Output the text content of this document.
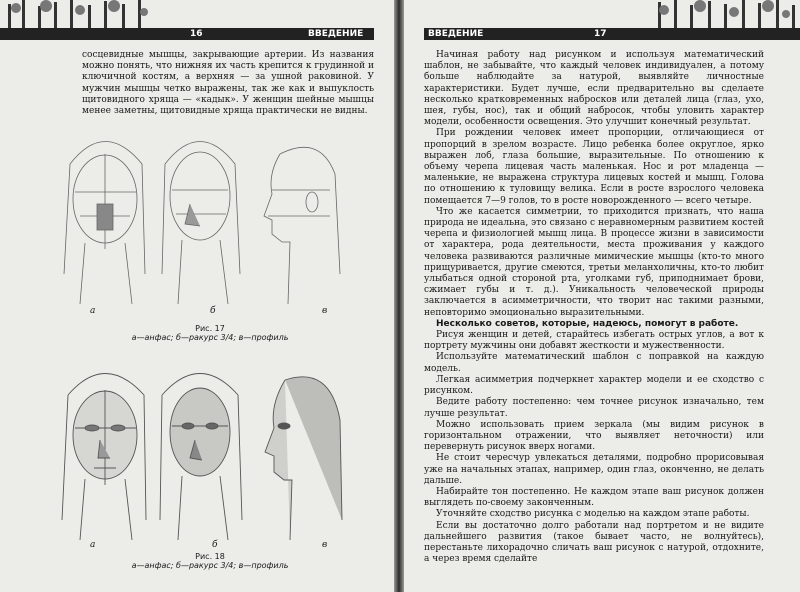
16	ВВЕДЕНИЕ

сосцевидные мышцы, закрывающие артерии. Из названия можно понять, что нижняя их часть крепится к грудинной и ключичной костям, а верхняя — за ушной раковиной. У мужчин мышцы четко выражены, так же как и выпуклость щитовидного хряща — «кадык». У женщин шейные мышцы менее заметны, щитовидные хряща практически не видны.

а	б	в
Рис. 17
а—анфас; б—ракурс 3/4; в—профиль
а	б	в
Рис. 18
а—анфас; б—ракурс 3/4; в—профиль
ВВЕДЕНИЕ	17

Начиная работу над рисунком и используя математический шаблон, не забывайте, что каждый человек индивидуален, а потому больше наблюдайте за натурой, выявляйте личностные характеристики. Будет лучше, если предварительно вы сделаете несколько кратковременных набросков или деталей лица (глаз, ухо, шея, губы, нос), так и общий набросок, чтобы уловить характер модели, особенности освещения. Это улучшит конечный результат.

При рождении человек имеет пропорции, отличающиеся от пропорций в зрелом возрасте. Лицо ребенка более округлое, ярко выражен лоб, глаза большие, выразительные. По отношению к объему черепа лицевая часть маленькая. Нос и рот младенца — маленькие, не выражена структура лицевых костей и мышц. Голова по отношению к туловищу велика. Если в росте взрослого человека помещается 7—9 голов, то в росте новорожденного — всего четыре.

Что же касается симметрии, то приходится признать, что наша природа не идеальна, это связано с неравномерным развитием костей черепа и физиологией мышц лица. В процессе жизни в зависимости от характера, рода деятельности, места проживания у каждого человека развиваются различные мимические мышцы (кто-то много прищуривается, другие смеются, третьи меланхоличны, кто-то любит улыбаться одной стороной рта, уголками губ, приподнимает брови, сжимает губы и т. д.). Уникальность человеческой природы заключается в асимметричности, что творит нас такими разными, неповторимо эмоционально выразительными.

Несколько советов, которые, надеюсь, помогут в работе.

Рисуя женщин и детей, старайтесь избегать острых углов, а вот к портрету мужчины они добавят жесткости и мужественности.

Используйте математический шаблон с поправкой на каждую модель.

Легкая асимметрия подчеркнет характер модели и ее сходство с рисунком.

Ведите работу постепенно: чем точнее рисунок изначально, тем лучше результат.

Можно использовать прием зеркала (мы видим рисунок в горизонтальном отражении, что выявляет неточности) или перевернуть рисунок вверх ногами.

Не стоит чересчур увлекаться деталями, подробно прорисовывая уже на начальных этапах, например, один глаз, оконченно, не делать дальше.

Набирайте тон постепенно. Не каждом этапе ваш рисунок должен выглядеть по-своему законченным.

Уточняйте сходство рисунка с моделью на каждом этапе работы.

Если вы достаточно долго работали над портретом и не видите дальнейшего развития (такое бывает часто, не волнуйтесь), перестаньте лихорадочно сличать ваш рисунок с натурой, отдохните, а через время сделайте
